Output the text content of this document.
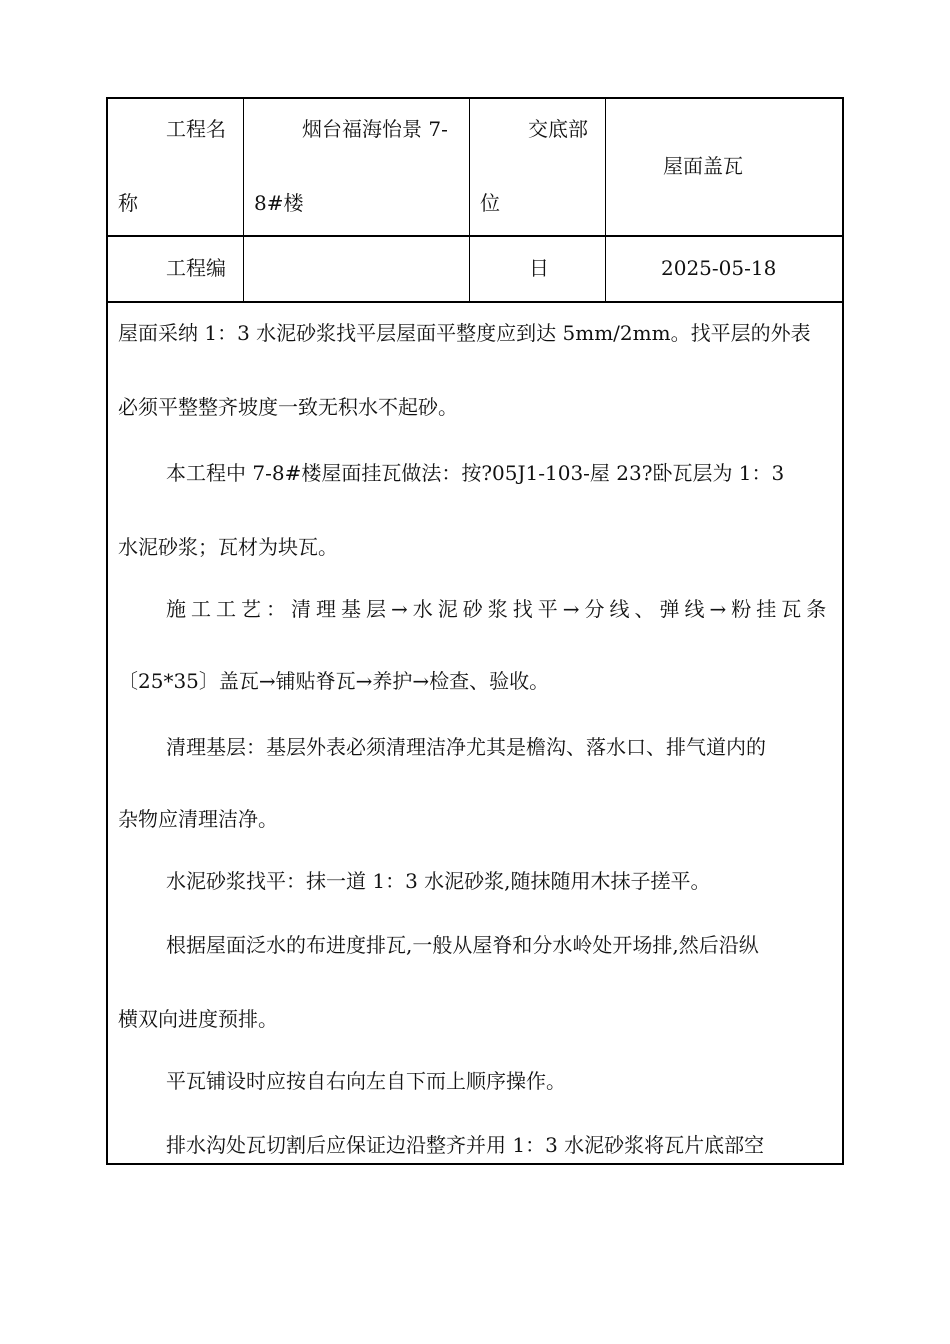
工程名
称
烟台福海怡景 7-
8#楼
交底部
位
屋面盖瓦
工程编	日	2025-05-18
屋面采纳 1：3 水泥砂浆找平层屋面平整度应到达 5mm/2mm。找平层的外表
必须平整整齐坡度一致无积水不起砂。
本工程中 7-8#楼屋面挂瓦做法：按?05J1-103-屋 23?卧瓦层为 1：3
水泥砂浆；瓦材为块瓦。
施工工艺：清理基层→水泥砂浆找平→分线、弹线→粉挂瓦条
〔25*35〕盖瓦→铺贴脊瓦→养护→检查、验收。
清理基层：基层外表必须清理洁净尤其是檐沟、落水口、排气道内的
杂物应清理洁净。
水泥砂浆找平：抹一道 1：3 水泥砂浆,随抹随用木抹子搓平。
根据屋面泛水的布进度排瓦,一般从屋脊和分水岭处开场排,然后沿纵
横双向进度预排。
平瓦铺设时应按自右向左自下而上顺序操作。
排水沟处瓦切割后应保证边沿整齐并用 1：3 水泥砂浆将瓦片底部空
